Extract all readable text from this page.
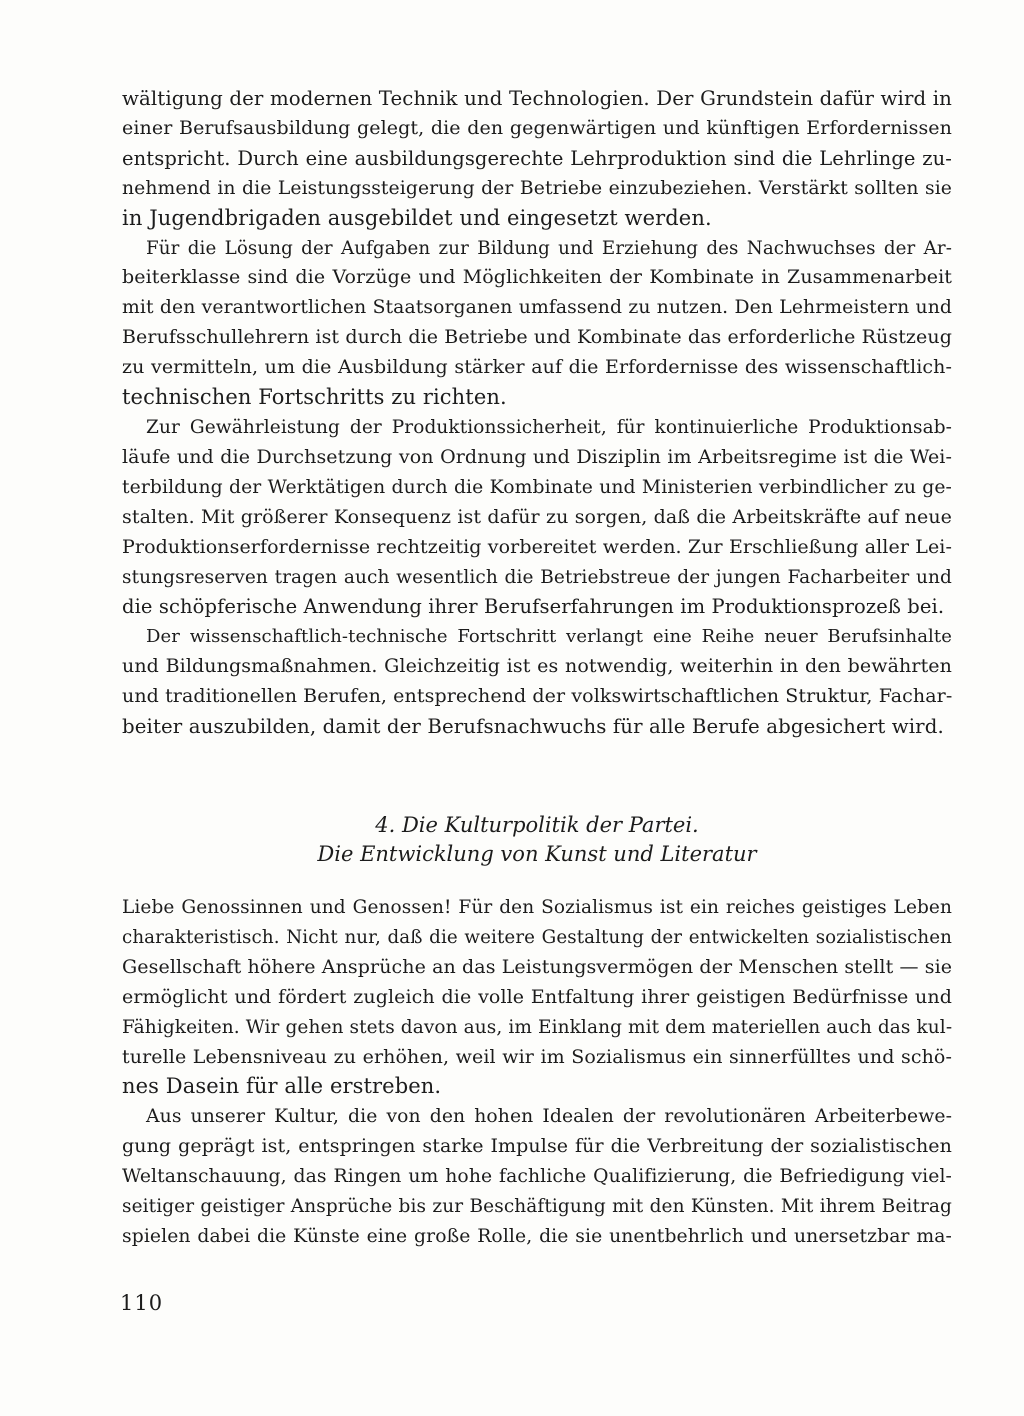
wältigung der modernen Technik und Technologien. Der Grundstein dafür wird in
einer Berufsausbildung gelegt, die den gegenwärtigen und künftigen Erfordernissen
entspricht. Durch eine ausbildungsgerechte Lehrproduktion sind die Lehrlinge zu-
nehmend in die Leistungssteigerung der Betriebe einzubeziehen. Verstärkt sollten sie
in Jugendbrigaden ausgebildet und eingesetzt werden.

Für die Lösung der Aufgaben zur Bildung und Erziehung des Nachwuchses der Ar-
beiterklasse sind die Vorzüge und Möglichkeiten der Kombinate in Zusammenarbeit
mit den verantwortlichen Staatsorganen umfassend zu nutzen. Den Lehrmeistern und
Berufsschullehrern ist durch die Betriebe und Kombinate das erforderliche Rüstzeug
zu vermitteln, um die Ausbildung stärker auf die Erfordernisse des wissenschaftlich-
technischen Fortschritts zu richten.

Zur Gewährleistung der Produktionssicherheit, für kontinuierliche Produktionsab-
läufe und die Durchsetzung von Ordnung und Disziplin im Arbeitsregime ist die Wei-
terbildung der Werktätigen durch die Kombinate und Ministerien verbindlicher zu ge-
stalten. Mit größerer Konsequenz ist dafür zu sorgen, daß die Arbeitskräfte auf neue
Produktionserfordernisse rechtzeitig vorbereitet werden. Zur Erschließung aller Lei-
stungsreserven tragen auch wesentlich die Betriebstreue der jungen Facharbeiter und
die schöpferische Anwendung ihrer Berufserfahrungen im Produktionsprozeß bei.

Der wissenschaftlich-technische Fortschritt verlangt eine Reihe neuer Berufsinhalte
und Bildungsmaßnahmen. Gleichzeitig ist es notwendig, weiterhin in den bewährten
und traditionellen Berufen, entsprechend der volkswirtschaftlichen Struktur, Fachar-
beiter auszubilden, damit der Berufsnachwuchs für alle Berufe abgesichert wird.

4. Die Kulturpolitik der Partei.

Die Entwicklung von Kunst und Literatur

Liebe Genossinnen und Genossen! Für den Sozialismus ist ein reiches geistiges Leben
charakteristisch. Nicht nur, daß die weitere Gestaltung der entwickelten sozialistischen
Gesellschaft höhere Ansprüche an das Leistungsvermögen der Menschen stellt — sie
ermöglicht und fördert zugleich die volle Entfaltung ihrer geistigen Bedürfnisse und
Fähigkeiten. Wir gehen stets davon aus, im Einklang mit dem materiellen auch das kul-
turelle Lebensniveau zu erhöhen, weil wir im Sozialismus ein sinnerfülltes und schö-
nes Dasein für alle erstreben.

Aus unserer Kultur, die von den hohen Idealen der revolutionären Arbeiterbewe-
gung geprägt ist, entspringen starke Impulse für die Verbreitung der sozialistischen
Weltanschauung, das Ringen um hohe fachliche Qualifizierung, die Befriedigung viel-
seitiger geistiger Ansprüche bis zur Beschäftigung mit den Künsten. Mit ihrem Beitrag
spielen dabei die Künste eine große Rolle, die sie unentbehrlich und unersetzbar ma-

110
